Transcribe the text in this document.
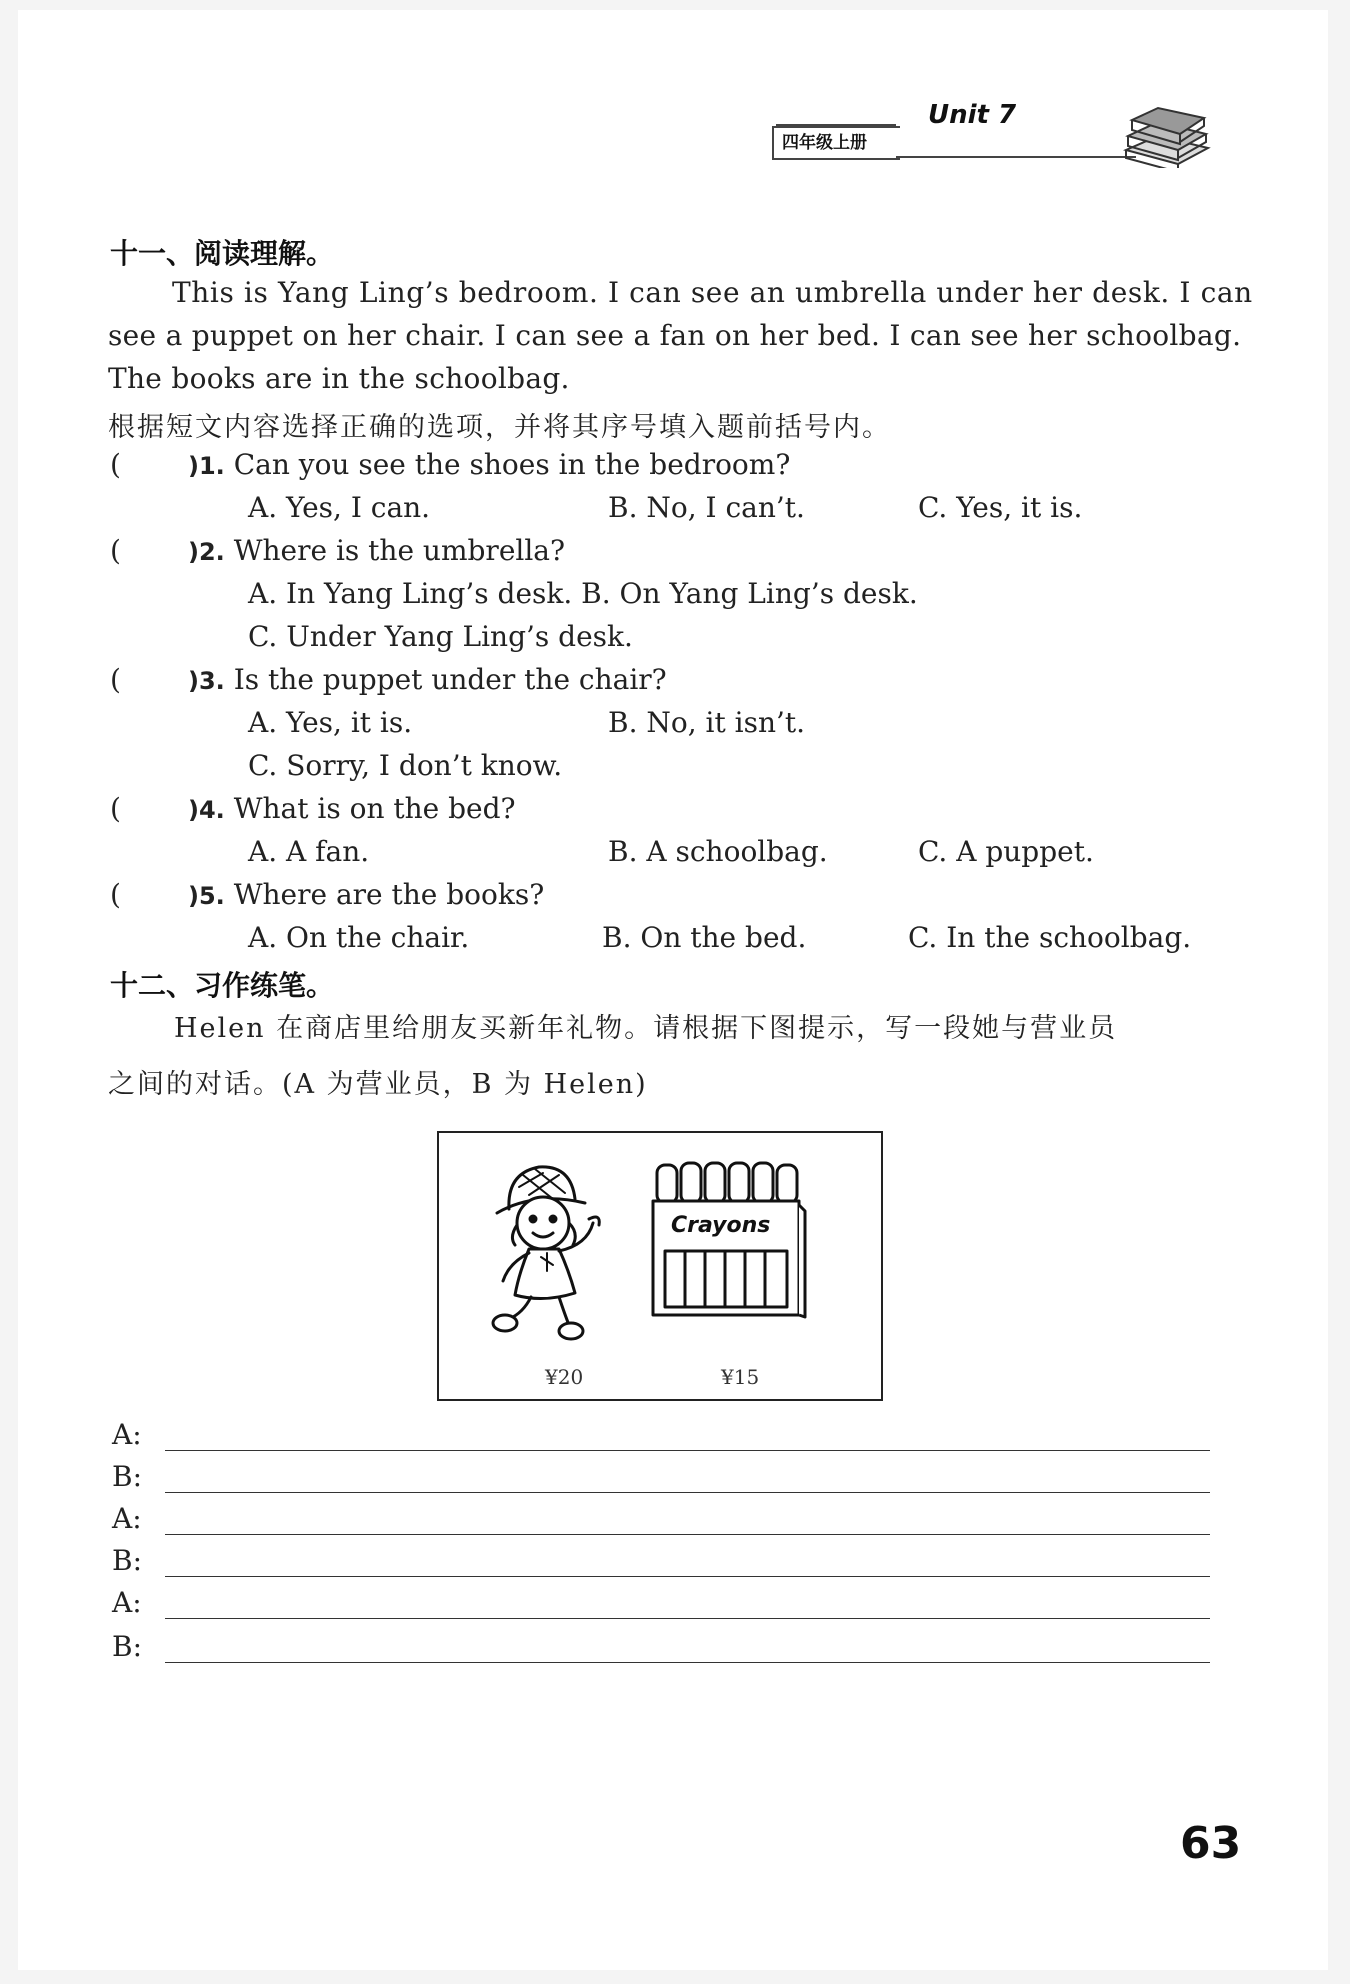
四年级上册
Unit 7
十一、阅读理解。
This is Yang Ling’s bedroom. I can see an umbrella under her desk. I can
see a puppet on her chair. I can see a fan on her bed. I can see her schoolbag.
The books are in the schoolbag.
根据短文内容选择正确的选项，并将其序号填入题前括号内。
(	)1. Can you see the shoes in the bedroom?
A. Yes, I can.	B. No, I can’t.	C. Yes, it is.
(	)2. Where is the umbrella?
A. In Yang Ling’s desk. B. On Yang Ling’s desk.
C. Under Yang Ling’s desk.
(	)3. Is the puppet under the chair?
A. Yes, it is.	B. No, it isn’t.
C. Sorry, I don’t know.
(	)4. What is on the bed?
A. A fan.	B. A schoolbag.	C. A puppet.
(	)5. Where are the books?
A. On the chair.	B. On the bed.	C. In the schoolbag.
十二、习作练笔。
Helen 在商店里给朋友买新年礼物。请根据下图提示，写一段她与营业员
之间的对话。(A 为营业员，B 为 Helen)
Crayons
¥20	¥15
A:
B:
A:
B:
A:
B:
63
